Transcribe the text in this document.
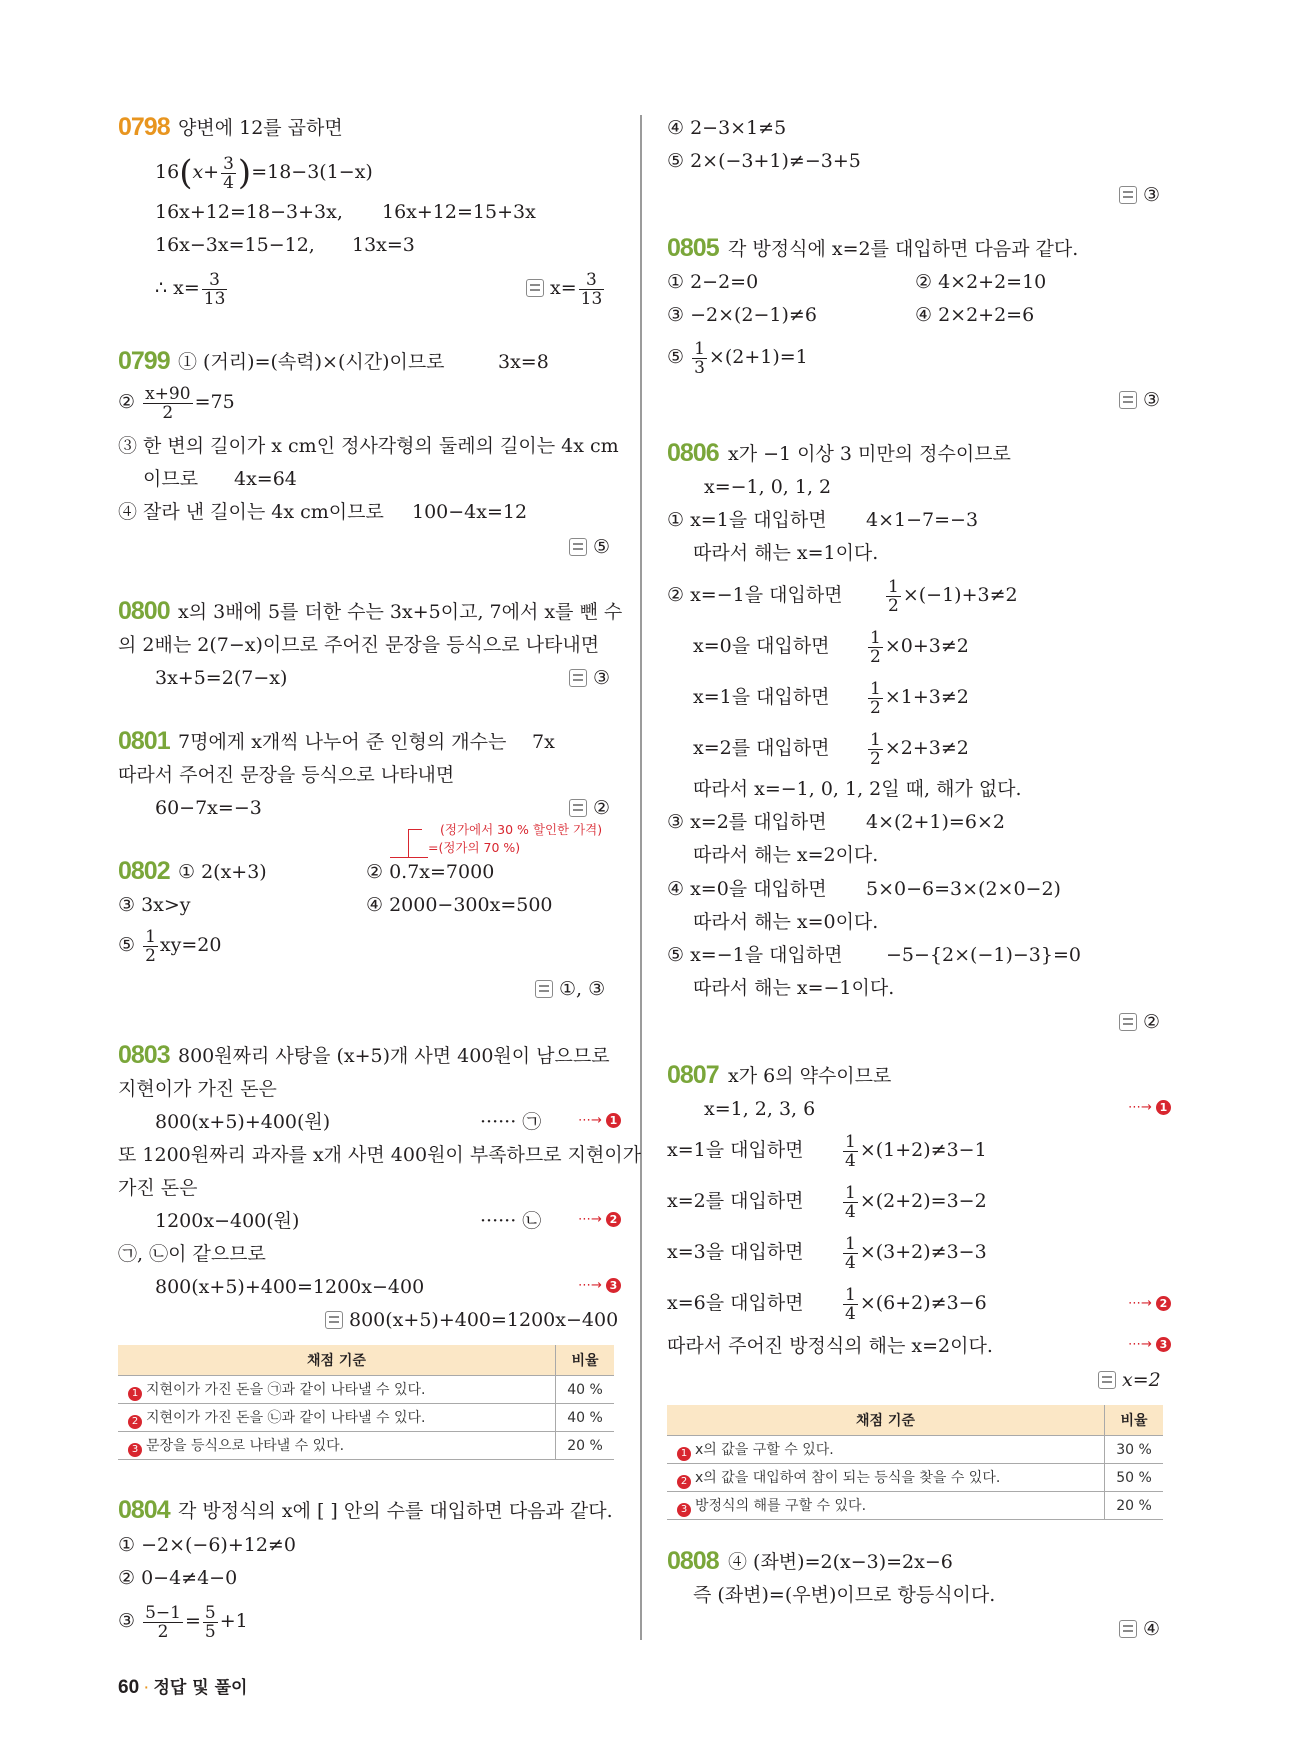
0798 양변에 12를 곱하면
$16(x+ \frac{3}{4} )=18-3(1-x)$
16x+12=18−3+3x, 16x+12=15+3x
16x−3x=15−12, 13x=3
∴ $x= \frac{3}{13}$	$x= \frac{3}{13}$
0799 ① (거리)=(속력)×(시간)이므로	3x=8
② $\frac{x+90}{2} =75$
③ 한 변의 길이가 x cm인 정사각형의 둘레의 길이는 4x cm
이므로 4x=64
④ 잘라 낸 길이는 4x cm이므로 100−4x=12
⑤
0800 x의 3배에 5를 더한 수는 3x+5이고, 7에서 x를 뺀 수
의 2배는 2(7−x)이므로 주어진 문장을 등식으로 나타내면
3x+5=2(7−x)	③
0801 7명에게 x개씩 나누어 준 인형의 개수는 7x
따라서 주어진 문장을 등식으로 나타내면
60−7x=−3	②
(정가에서 30 % 할인한 가격)
=(정가의 70 %)
0802 ① 2(x+3)	② 0.7x=7000
③ 3x>y	④ 2000−300x=500
⑤ $\frac{1}{2} xy=20$
①, ③
0803 800원짜리 사탕을 (x+5)개 사면 400원이 남으므로
지현이가 가진 돈은
800(x+5)+400(원)	······ ㉠	⋯→ 1
또 1200원짜리 과자를 x개 사면 400원이 부족하므로 지현이가
가진 돈은
1200x−400(원)	······ ㉡	⋯→ 2
㉠, ㉡이 같으므로
800(x+5)+400=1200x−400	⋯→ 3
800(x+5)+400=1200x−400
채점 기준	비율
1 지현이가 가진 돈을 ㉠과 같이 나타낼 수 있다.	40 %
2 지현이가 가진 돈을 ㉡과 같이 나타낼 수 있다.	40 %
3 문장을 등식으로 나타낼 수 있다.	20 %
0804 각 방정식의 x에 [ ] 안의 수를 대입하면 다음과 같다.
① −2×(−6)+12≠0
② 0−4≠4−0
③ $\frac{5-1}{2} = \frac{5}{5} +1$
④ 2−3×1≠5
⑤ 2×(−3+1)≠−3+5
③
0805 각 방정식에 x=2를 대입하면 다음과 같다.
① 2−2=0	② 4×2+2=10
③ −2×(2−1)≠6	④ 2×2+2=6
⑤ $\frac{1}{3} \times(2+1)=1$
③
0806 x가 −1 이상 3 미만의 정수이므로
x=−1, 0, 1, 2
① x=1을 대입하면 4×1−7=−3
따라서 해는 x=1이다.
② x=−1을 대입하면	$\frac{1}{2} \times(-1)+3\ne 2$
x=0을 대입하면 $\frac{1}{2} \times 0+3\ne 2$
x=1을 대입하면 $\frac{1}{2} \times 1+3\ne 2$
x=2를 대입하면 $\frac{1}{2} \times 2+3\ne 2$
따라서 x=−1, 0, 1, 2일 때, 해가 없다.
③ x=2를 대입하면 4×(2+1)=6×2
따라서 해는 x=2이다.
④ x=0을 대입하면 5×0−6=3×(2×0−2)
따라서 해는 x=0이다.
⑤ x=−1을 대입하면 −5−{2×(−1)−3}=0
따라서 해는 x=−1이다.
②
0807 x가 6의 약수이므로
x=1, 2, 3, 6	⋯→ 1
x=1을 대입하면 $\frac{1}{4} \times(1+2)\ne 3-1$
x=2를 대입하면 $\frac{1}{4} \times(2+2)=3-2$
x=3을 대입하면 $\frac{1}{4} \times(3+2)\ne 3-3$
x=6을 대입하면 $\frac{1}{4} \times(6+2)\ne 3-6$	⋯→ 2
따라서 주어진 방정식의 해는 x=2이다.	⋯→ 3
x=2
채점 기준	비율
1 x의 값을 구할 수 있다.	30 %
2 x의 값을 대입하여 참이 되는 등식을 찾을 수 있다.	50 %
3 방정식의 해를 구할 수 있다.	20 %
0808 ④ (좌변)=2(x−3)=2x−6
즉 (좌변)=(우변)이므로 항등식이다.
④
60 · 정답 및 풀이
